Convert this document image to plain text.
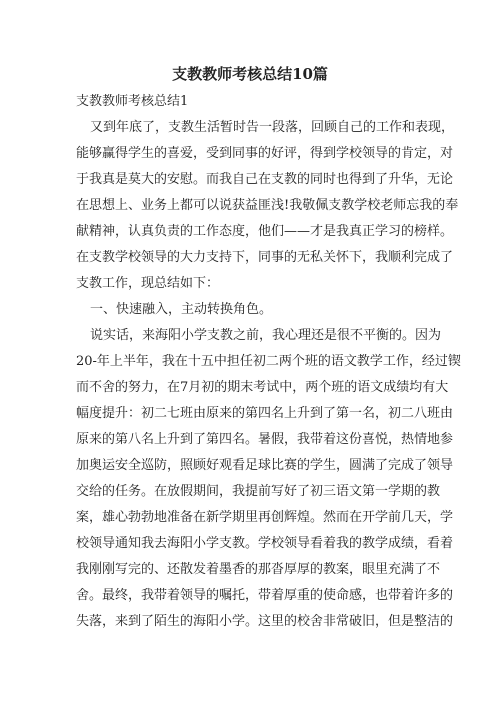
支教教师考核总结10篇
支教教师考核总结1
又到年底了，支教生活暂时告一段落，回顾自己的工作和表现，
能够赢得学生的喜爱，受到同事的好评，得到学校领导的肯定，对
于我真是莫大的安慰。而我自己在支教的同时也得到了升华，无论
在思想上、业务上都可以说获益匪浅!我敬佩支教学校老师忘我的奉
献精神，认真负责的工作态度，他们——才是我真正学习的榜样。
在支教学校领导的大力支持下，同事的无私关怀下，我顺利完成了
支教工作，现总结如下：
一、快速融入，主动转换角色。
说实话，来海阳小学支教之前，我心理还是很不平衡的。因为
20-年上半年，我在十五中担任初二两个班的语文教学工作，经过锲
而不舍的努力，在7月初的期末考试中，两个班的语文成绩均有大
幅度提升：初二七班由原来的第四名上升到了第一名，初二八班由
原来的第八名上升到了第四名。暑假，我带着这份喜悦，热情地参
加奥运安全巡防，照顾好观看足球比赛的学生，圆满了完成了领导
交给的任务。在放假期间，我提前写好了初三语文第一学期的教
案，雄心勃勃地准备在新学期里再创辉煌。然而在开学前几天，学
校领导通知我去海阳小学支教。学校领导看着我的教学成绩，看着
我刚刚写完的、还散发着墨香的那沓厚厚的教案，眼里充满了不
舍。最终，我带着领导的嘱托，带着厚重的使命感，也带着许多的
失落，来到了陌生的海阳小学。这里的校舍非常破旧，但是整洁的
